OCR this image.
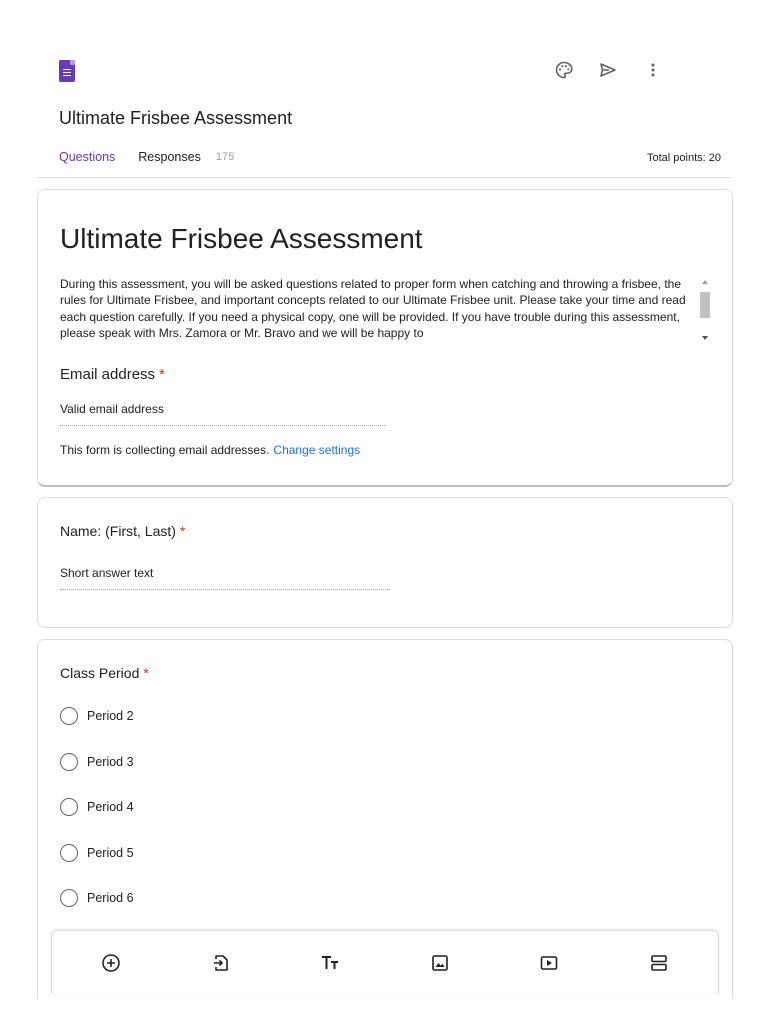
Ultimate Frisbee Assessment
Questions Responses 175	Total points: 20
Ultimate Frisbee Assessment
During this assessment, you will be asked questions related to proper form when catching and throwing a frisbee, the rules for Ultimate Frisbee, and important concepts related to our Ultimate Frisbee unit. Please take your time and read each question carefully. If you need a physical copy, one will be provided. If you have trouble during this assessment, please speak with Mrs. Zamora or Mr. Bravo and we will be happy to
Email address *
Valid email address
This form is collecting email addresses. Change settings
Name: (First, Last) *
Short answer text
Class Period *
Period 2
Period 3
Period 4
Period 5
Period 6
